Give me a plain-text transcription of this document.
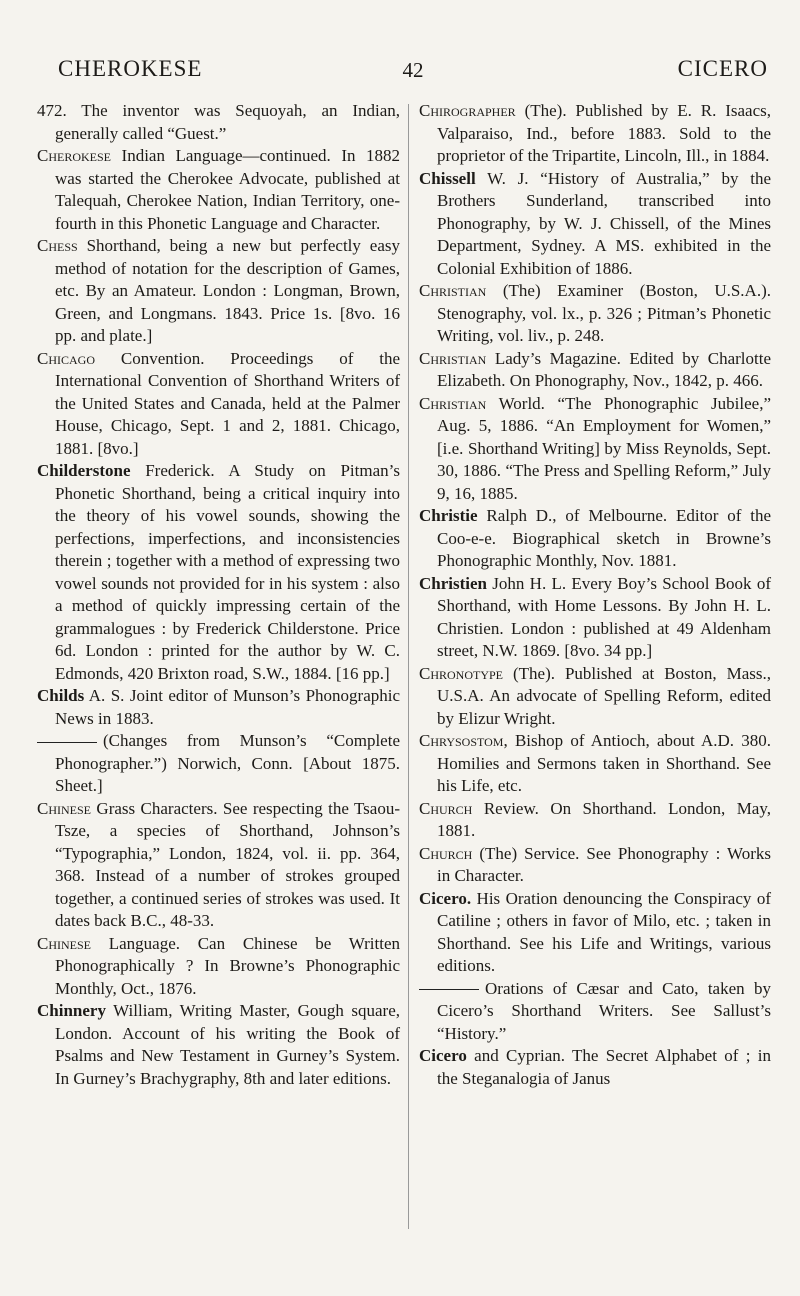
CHEROKESE	42	CICERO

472. The inventor was Sequoyah, an Indian, generally called “Guest.”

Cherokese Indian Language—continued. In 1882 was started the Cherokee Advocate, published at Talequah, Cherokee Nation, Indian Territory, one-fourth in this Phonetic Language and Character.

Chess Shorthand, being a new but perfectly easy method of notation for the description of Games, etc. By an Amateur. London : Longman, Brown, Green, and Longmans. 1843. Price 1s. [8vo. 16 pp. and plate.]

Chicago Convention. Proceedings of the International Convention of Shorthand Writers of the United States and Canada, held at the Palmer House, Chicago, Sept. 1 and 2, 1881. Chicago, 1881. [8vo.]

Childerstone Frederick. A Study on Pitman’s Phonetic Shorthand, being a critical inquiry into the theory of his vowel sounds, showing the perfections, imperfections, and inconsistencies therein ; together with a method of expressing two vowel sounds not provided for in his system : also a method of quickly impressing certain of the grammalogues : by Frederick Childerstone. Price 6d. London : printed for the author by W. C. Edmonds, 420 Brixton road, S.W., 1884. [16 pp.]

Childs A. S. Joint editor of Munson’s Phonographic News in 1883.

(Changes from Munson’s “Complete Phonographer.”) Norwich, Conn. [About 1875. Sheet.]

Chinese Grass Characters. See respecting the Tsaou-Tsze, a species of Shorthand, Johnson’s “Typographia,” London, 1824, vol. ii. pp. 364, 368. Instead of a number of strokes grouped together, a continued series of strokes was used. It dates back B.C., 48-33.

Chinese Language. Can Chinese be Written Phonographically ? In Browne’s Phonographic Monthly, Oct., 1876.

Chinnery William, Writing Master, Gough square, London. Account of his writing the Book of Psalms and New Testament in Gurney’s System. In Gurney’s Brachygraphy, 8th and later editions.

Chirographer (The). Published by E. R. Isaacs, Valparaiso, Ind., before 1883. Sold to the proprietor of the Tripartite, Lincoln, Ill., in 1884.

Chissell W. J. “History of Australia,” by the Brothers Sunderland, transcribed into Phonography, by W. J. Chissell, of the Mines Department, Sydney. A MS. exhibited in the Colonial Exhibition of 1886.

Christian (The) Examiner (Boston, U.S.A.). Stenography, vol. lx., p. 326 ; Pitman’s Phonetic Writing, vol. liv., p. 248.

Christian Lady’s Magazine. Edited by Charlotte Elizabeth. On Phonography, Nov., 1842, p. 466.

Christian World. “The Phonographic Jubilee,” Aug. 5, 1886. “An Employment for Women,” [i.e. Shorthand Writing] by Miss Reynolds, Sept. 30, 1886. “The Press and Spelling Reform,” July 9, 16, 1885.

Christie Ralph D., of Melbourne. Editor of the Coo-e-e. Biographical sketch in Browne’s Phonographic Monthly, Nov. 1881.

Christien John H. L. Every Boy’s School Book of Shorthand, with Home Lessons. By John H. L. Christien. London : published at 49 Aldenham street, N.W. 1869. [8vo. 34 pp.]

Chronotype (The). Published at Boston, Mass., U.S.A. An advocate of Spelling Reform, edited by Elizur Wright.

Chrysostom, Bishop of Antioch, about A.D. 380. Homilies and Sermons taken in Shorthand. See his Life, etc.

Church Review. On Shorthand. London, May, 1881.

Church (The) Service. See Phonography : Works in Character.

Cicero. His Oration denouncing the Conspiracy of Catiline ; others in favor of Milo, etc. ; taken in Shorthand. See his Life and Writings, various editions.

Orations of Cæsar and Cato, taken by Cicero’s Shorthand Writers. See Sallust’s “History.”

Cicero and Cyprian. The Secret Alphabet of ; in the Steganalogia of Janus
